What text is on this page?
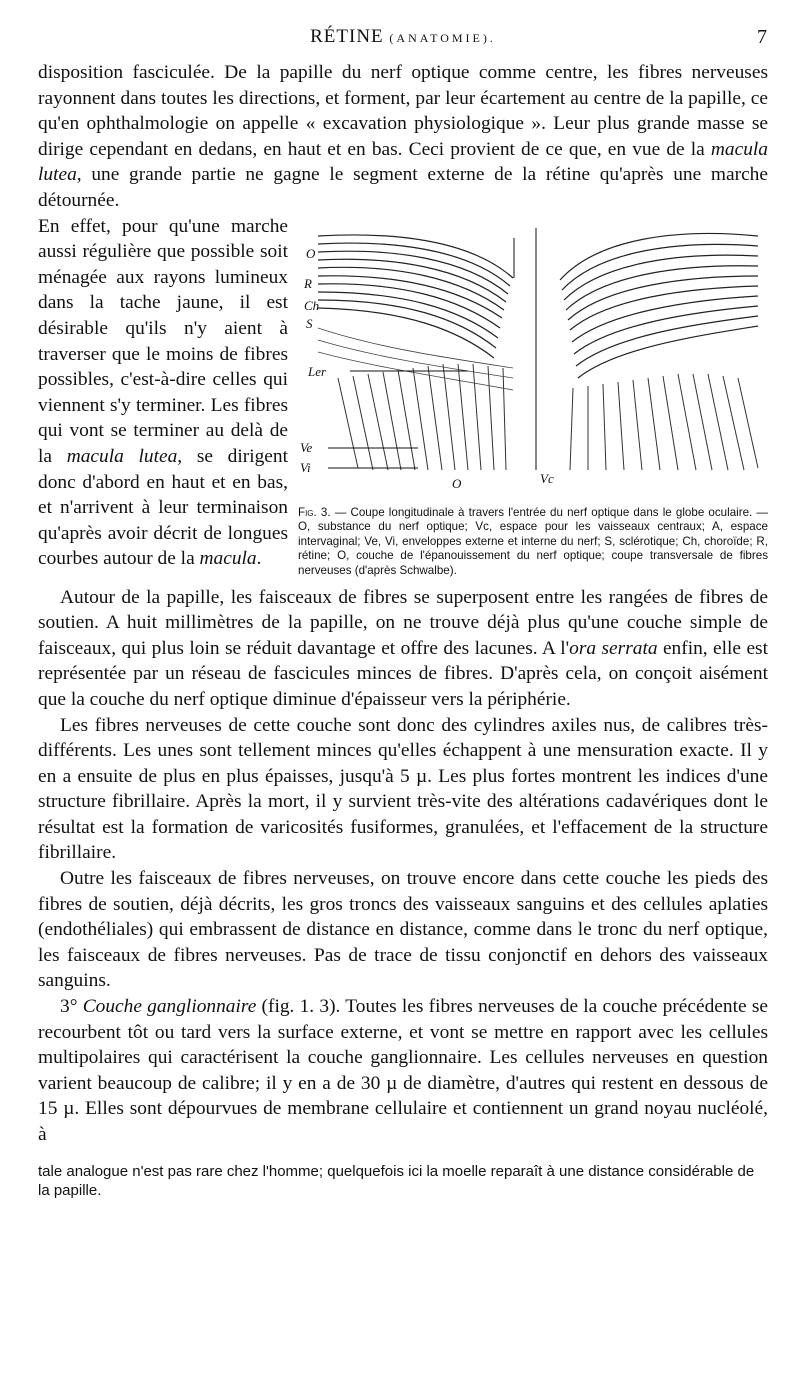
RÉTINE (ANATOMIE).	7

disposition fasciculée. De la papille du nerf optique comme centre, les fibres nerveuses rayonnent dans toutes les directions, et forment, par leur écartement au centre de la papille, ce qu'en ophthalmologie on appelle « excavation physiologique ». Leur plus grande masse se dirige cependant en dedans, en haut et en bas. Ceci provient de ce que, en vue de la macula lutea, une grande partie ne gagne le segment externe de la rétine qu'après une marche détournée.

O
R
Ch
S
Ler
Ve
Vi
O	Vc
Fig. 3. — Coupe longitudinale à travers l'entrée du nerf optique dans le globe oculaire. — O, substance du nerf optique; Vc, espace pour les vaisseaux centraux; A, espace intervaginal; Ve, Vi, enveloppes externe et interne du nerf; S, sclérotique; Ch, choroïde; R, rétine; O, couche de l'épanouissement du nerf optique; coupe transversale de fibres nerveuses (d'après Schwalbe).

En effet, pour qu'une marche aussi régulière que possible soit ménagée aux rayons lumineux dans la tache jaune, il est désirable qu'ils n'y aient à traverser que le moins de fibres possibles, c'est-à-dire celles qui viennent s'y terminer. Les fibres qui vont se terminer au delà de la macula lutea, se dirigent donc d'abord en haut et en bas, et n'arrivent à leur terminaison qu'après avoir décrit de longues courbes autour de la macula.

Autour de la papille, les faisceaux de fibres se superposent entre les rangées de fibres de soutien. A huit millimètres de la papille, on ne trouve déjà plus qu'une couche simple de faisceaux, qui plus loin se réduit davantage et offre des lacunes. A l'ora serrata enfin, elle est représentée par un réseau de fascicules minces de fibres. D'après cela, on conçoit aisément que la couche du nerf optique diminue d'épaisseur vers la périphérie.

Les fibres nerveuses de cette couche sont donc des cylindres axiles nus, de calibres très-différents. Les unes sont tellement minces qu'elles échappent à une mensuration exacte. Il y en a ensuite de plus en plus épaisses, jusqu'à 5 µ. Les plus fortes montrent les indices d'une structure fibrillaire. Après la mort, il y survient très-vite des altérations cadavériques dont le résultat est la formation de varicosités fusiformes, granulées, et l'effacement de la structure fibrillaire.

Outre les faisceaux de fibres nerveuses, on trouve encore dans cette couche les pieds des fibres de soutien, déjà décrits, les gros troncs des vaisseaux sanguins et des cellules aplaties (endothéliales) qui embrassent de distance en distance, comme dans le tronc du nerf optique, les faisceaux de fibres nerveuses. Pas de trace de tissu conjonctif en dehors des vaisseaux sanguins.

3° Couche ganglionnaire (fig. 1. 3). Toutes les fibres nerveuses de la couche précédente se recourbent tôt ou tard vers la surface externe, et vont se mettre en rapport avec les cellules multipolaires qui caractérisent la couche ganglionnaire. Les cellules nerveuses en question varient beaucoup de calibre; il y en a de 30 µ de diamètre, d'autres qui restent en dessous de 15 µ. Elles sont dépourvues de membrane cellulaire et contiennent un grand noyau nucléolé, à

tale analogue n'est pas rare chez l'homme; quelquefois ici la moelle reparaît à une distance considérable de la papille.
